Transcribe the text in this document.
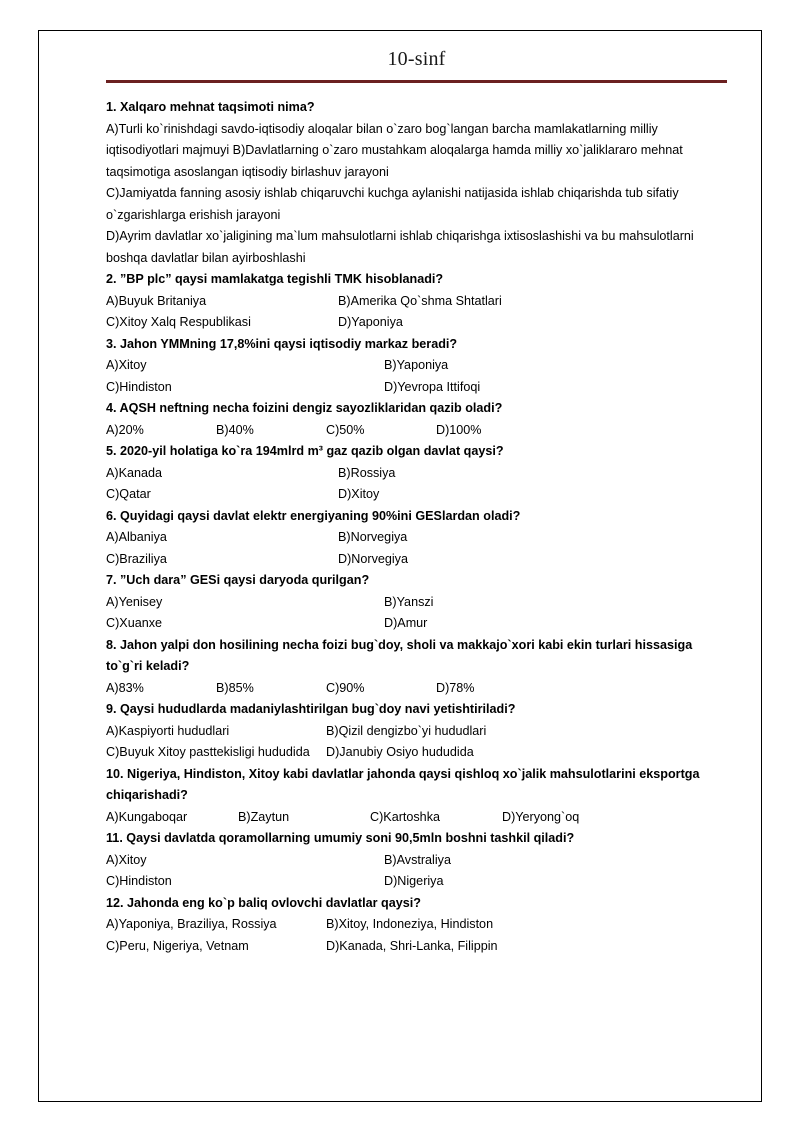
10-sinf
1. Xalqaro mehnat taqsimoti nima?
A)Turli ko`rinishdagi savdo-iqtisodiy aloqalar bilan o`zaro bog`langan barcha mamlakatlarning milliy iqtisodiyotlari majmuyi B)Davlatlarning o`zaro mustahkam aloqalarga hamda milliy xo`jaliklararo mehnat taqsimotiga asoslangan iqtisodiy birlashuv jarayoni
C)Jamiyatda fanning asosiy ishlab chiqaruvchi kuchga aylanishi natijasida ishlab chiqarishda tub sifatiy o`zgarishlarga erishish jarayoni
D)Ayrim davlatlar xo`jaligining ma`lum mahsulotlarni ishlab chiqarishga ixtisoslashishi va bu mahsulotlarni boshqa davlatlar bilan ayirboshlashi
2. ”BP plc” qaysi mamlakatga tegishli TMK hisoblanadi?
A)Buyuk Britaniya	B)Amerika Qo`shma Shtatlari
C)Xitoy Xalq Respublikasi	D)Yaponiya
3. Jahon YMMning 17,8%ini qaysi iqtisodiy markaz beradi?
A)Xitoy	B)Yaponiya
C)Hindiston	D)Yevropa Ittifoqi
4. AQSH neftning necha foizini dengiz sayozliklaridan qazib oladi?
A)20%	B)40%	C)50%	D)100%
5. 2020-yil holatiga ko`ra 194mlrd m³ gaz qazib olgan davlat qaysi?
A)Kanada	B)Rossiya
C)Qatar	D)Xitoy
6. Quyidagi qaysi davlat elektr energiyaning 90%ini GESlardan oladi?
A)Albaniya	B)Norvegiya
C)Braziliya	D)Norvegiya
7. ”Uch dara” GESi qaysi daryoda qurilgan?
A)Yenisey	B)Yanszi
C)Xuanxe	D)Amur
8. Jahon yalpi don hosilining necha foizi bug`doy, sholi va makkajo`xori kabi ekin turlari hissasiga to`g`ri keladi?
A)83%	B)85%	C)90%	D)78%
9. Qaysi hududlarda madaniylashtirilgan bug`doy navi yetishtiriladi?
A)Kaspiyorti hududlari	B)Qizil dengizbo`yi hududlari
C)Buyuk Xitoy pasttekisligi hududida	D)Janubiy Osiyo hududida
10. Nigeriya, Hindiston, Xitoy kabi davlatlar jahonda qaysi qishloq xo`jalik mahsulotlarini eksportga chiqarishadi?
A)Kungaboqar	B)Zaytun	C)Kartoshka	D)Yeryong`oq
11. Qaysi davlatda qoramollarning umumiy soni 90,5mln boshni tashkil qiladi?
A)Xitoy	B)Avstraliya
C)Hindiston	D)Nigeriya
12. Jahonda eng ko`p baliq ovlovchi davlatlar qaysi?
A)Yaponiya, Braziliya, Rossiya	B)Xitoy, Indoneziya, Hindiston
C)Peru, Nigeriya, Vetnam	D)Kanada, Shri-Lanka, Filippin
